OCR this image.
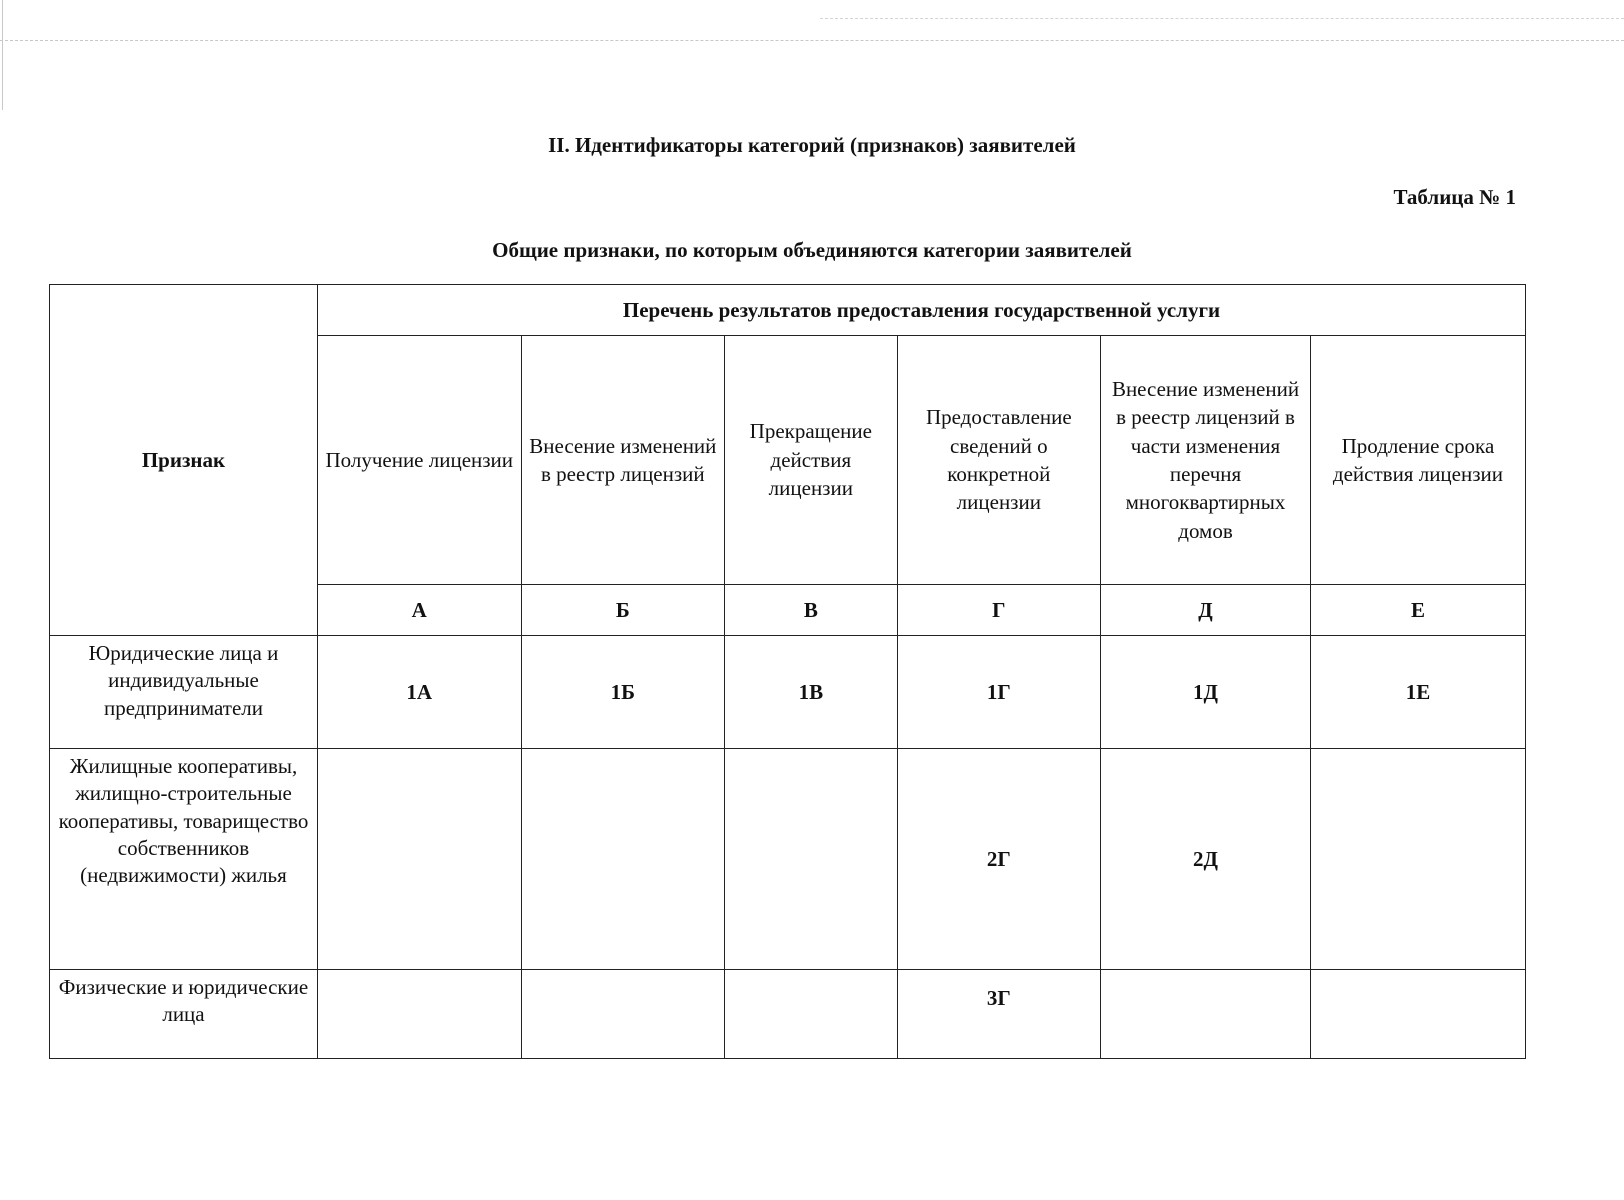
II. Идентификаторы категорий (признаков) заявителей
Таблица № 1
Общие признаки, по которым объединяются категории заявителей
Признак	Перечень результатов предоставления государственной услуги					
	Получение лицензии	Внесение изменений в реестр лицензий	Прекращение действия лицензии	Предоставление сведений о конкретной лицензии	Внесение изменений в реестр лицензий в части изменения перечня многоквартирных домов	Продление срока действия лицензии
	А	Б	В	Г	Д	Е
Юридические лица и индивидуальные предприниматели	1А	1Б	1В	1Г	1Д	1Е
Жилищные кооперативы, жилищно-строительные кооперативы, товарищество собственников (недвижимости) жилья				2Г	2Д	
Физические и юридические лица				3Г		
